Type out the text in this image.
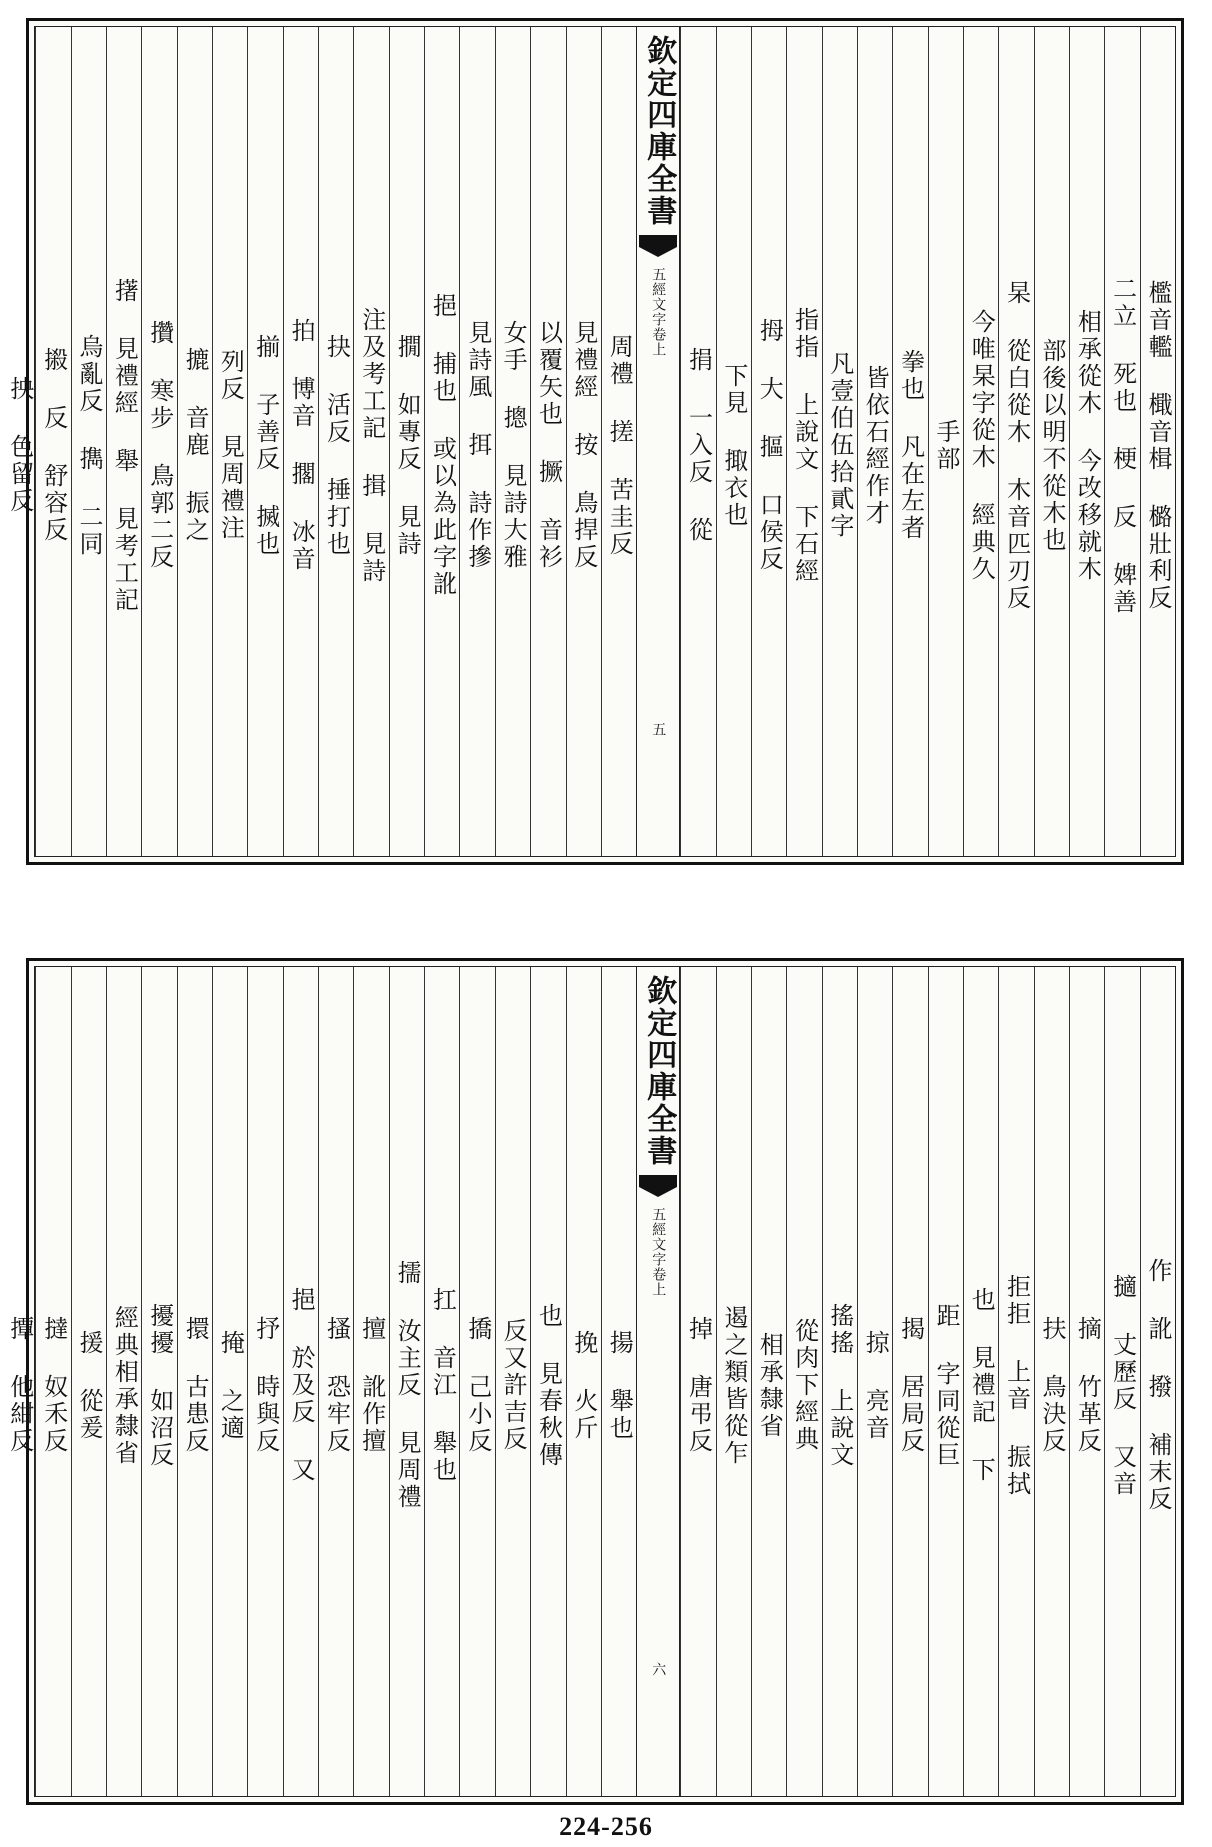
檻音轞 檝音楫 㯝壯利反
二立 死也 梗 反 婢善
相承從木 今改移就木
部後以明不從木也
杲 從白從木 木音匹刃反
今唯杲字從木 經典久
手部
拳也 凡在左者
皆依石經作才
凡壹伯伍拾貳字
指指 上說文 下石經
拇 大 摳 口侯反
下見 掫衣也
捐 一入反 從
欽定四庫全書
五經文字
卷上
五
周禮 搓 苦圭反
見禮經 按 鳥捍反
以覆矢也 撅 音衫
女手 摠 見詩大雅
見詩風 挕 詩作摻
挹 捕也 或以為此字訛
撊 如專反 見詩
注及考工記 揖 見詩
抉 活反 捶打也
拍 博音 擱 冰音
揃 子善反 搣也
列反 見周禮注
摝 音鹿 振之
攢 寒步 鳥郭二反
擆 見禮經 舉 見考工記
烏亂反 擕 二同
摋 反 舒容反
抰 色留反
作 訛 撥 補末反
擿 丈歷反 又音
摘 竹革反
扶 鳥決反
拒拒 上音 振拭
也 見禮記 下
距 字同從巨
揭 居局反
掠 亮音
搖搖 上說文
從肉下經典
相承隸省
遏之類皆從乍
掉 唐弔反
欽定四庫全書
五經文字
卷上
六
揚 舉也
挽 火斤
也 見春秋傳
反又許吉反
撟 己小反
扛 音江 舉也
擩 汝主反 見周禮
擅 訛作擅
搔 恐牢反
挹 於及反 又
抒 時與反
掩 之適
擐 古患反
擾擾 如沼反
經典相承隸省
援 從爰
撻 奴禾反
撢 他紺反
224-256
